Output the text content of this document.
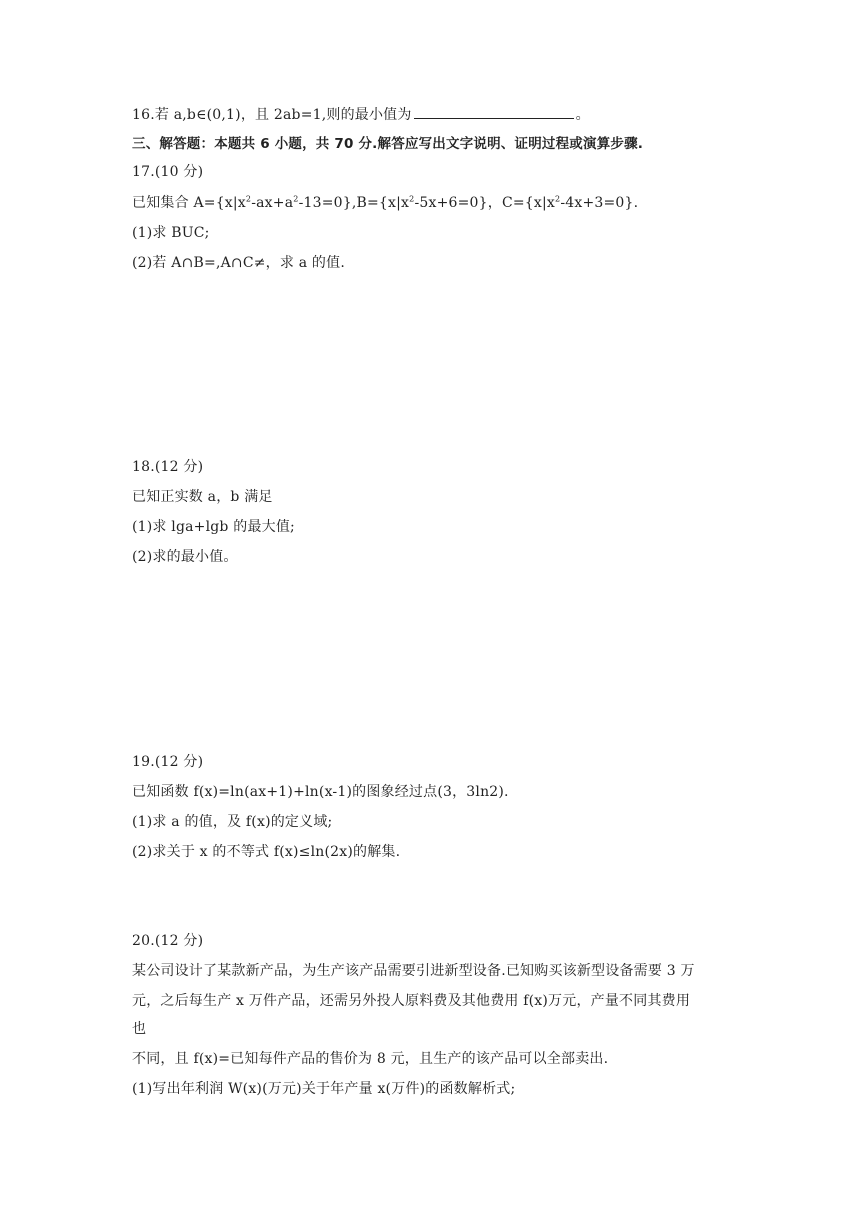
16.若 a,b∈(0,1)，且 2ab=1,则的最小值为	。
三、解答题：本题共 6 小题，共 70 分.解答应写出文字说明、证明过程或演算步骤.
17.(10 分)
已知集合 $A=\{x|x^2-ax+a^2-13=0\},B=\{x|x^2-5x+6=0\}$，$C=\{x|x^2-4x+3=0\}$.
(1)求 BUC;
(2)若 A∩B=,A∩C≠，求 a 的值.
18.(12 分)
已知正实数 a，b 满足
(1)求 lga+lgb 的最大值;
(2)求的最小值。
19.(12 分)
已知函数 f(x)=ln(ax+1)+ln(x-1)的图象经过点(3，3ln2).
(1)求 a 的值，及 f(x)的定义域;
(2)求关于 x 的不等式 f(x)≤ln(2x)的解集.
20.(12 分)
某公司设计了某款新产品，为生产该产品需要引进新型设备.已知购买该新型设备需要 3 万
元，之后每生产 x 万件产品，还需另外投人原料费及其他费用 f(x)万元，产量不同其费用
也
不同，且 f(x)=已知每件产品的售价为 8 元，且生产的该产品可以全部卖出.
(1)写出年利润 W(x)(万元)关于年产量 x(万件)的函数解析式;
